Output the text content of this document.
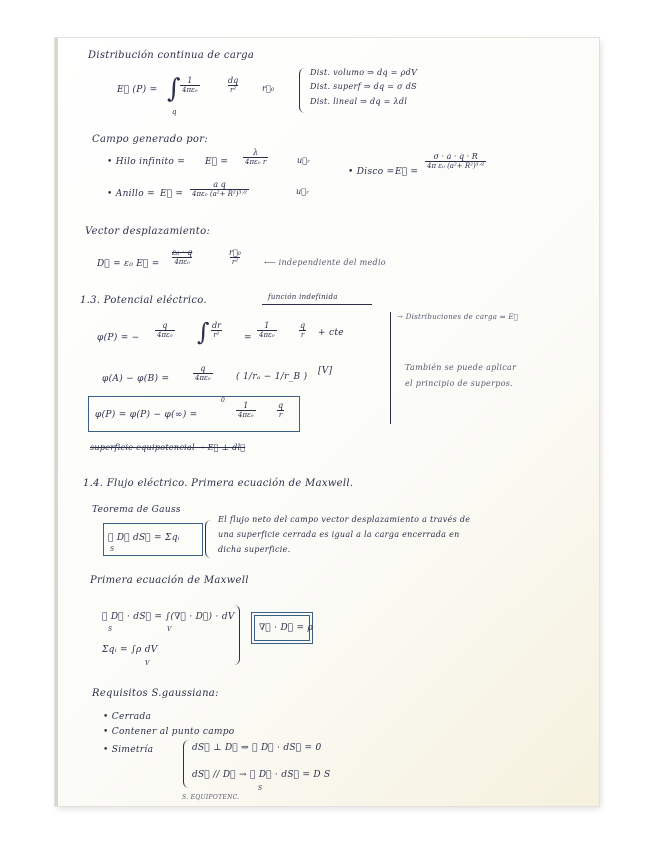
Distribución continua de carga
E⃗ (P) = ∫
q
$\frac{1}{\text{4πε₀}}$	$\frac{dq}{\text{r²}}$	r⃗₀
Dist. volumo ⇒ dq = ρdV
Dist. superf ⇒ dq = σ dS
Dist. lineal ⇒ dq = λdl
Campo generado por:
• Hilo infinito = E⃗ = $\frac{\lambda}{\text{4πε₀ r}}$	u⃗ᵣ
• Disco = E⃗ =
σ · a · q · R
4π ε₀ (a²+ R²)³ᐟ²
• Anillo = E⃗ =
a q
4πε₀ (a²+ R²)³ᐟ²	u⃗ᵣ
Vector desplazamiento:
D⃗ = ε₀ E⃗ = $\frac{\text{ε₀ · q}}{\text{4πε₀}}$	$\frac{\text{r⃗₀}}{\text{r²}}$	⟵ independiente del medio
1.3. Potencial eléctrico.	función indefinida
φ(P) = − $\frac{q}{\text{4πε₀}}$ ∫ $\frac{dr}{\text{r²}} = \frac{1}{\text{4πε₀}}$	$\frac{q}{r}$ + cte
φ(A) − φ(B) =	$\frac{q}{\text{4πε₀}}$	( 1/rₐ − 1/r_B )
[V]
φ(P) = φ(P) − φ(∞) =
0
$\frac{1}{\text{4πε₀}}$	$\frac{q}{r}$
→ Distribuciones de carga ⇒ E⃗
También se puede aplicar
el principio de superpos.
superficie equipotencial → E⃗ ⊥ dl⃗
1.4. Flujo eléctrico. Primera ecuación de Maxwell.
Teorema de Gauss
∮ D⃗ dS⃗ = Σqᵢ
S
El flujo neto del campo vector desplazamiento a través de
una superficie cerrada es igual a la carga encerrada en
dicha superficie.
Primera ecuación de Maxwell
∮ D⃗ · dS⃗ = ∫(∇⃗ · D⃗) · dV
S	V
Σqᵢ = ∫ρ dV
V
∇⃗ · D⃗ = ρ
Requisitos S.gaussiana:
• Cerrada
• Contener al punto campo
• Simetría	dS⃗ ⊥ D⃗ ⇒ ∮ D⃗ · dS⃗ = 0
dS⃗ // D⃗ → ∮ D⃗ · dS⃗ = D S
S
S. EQUIPOTENC.
